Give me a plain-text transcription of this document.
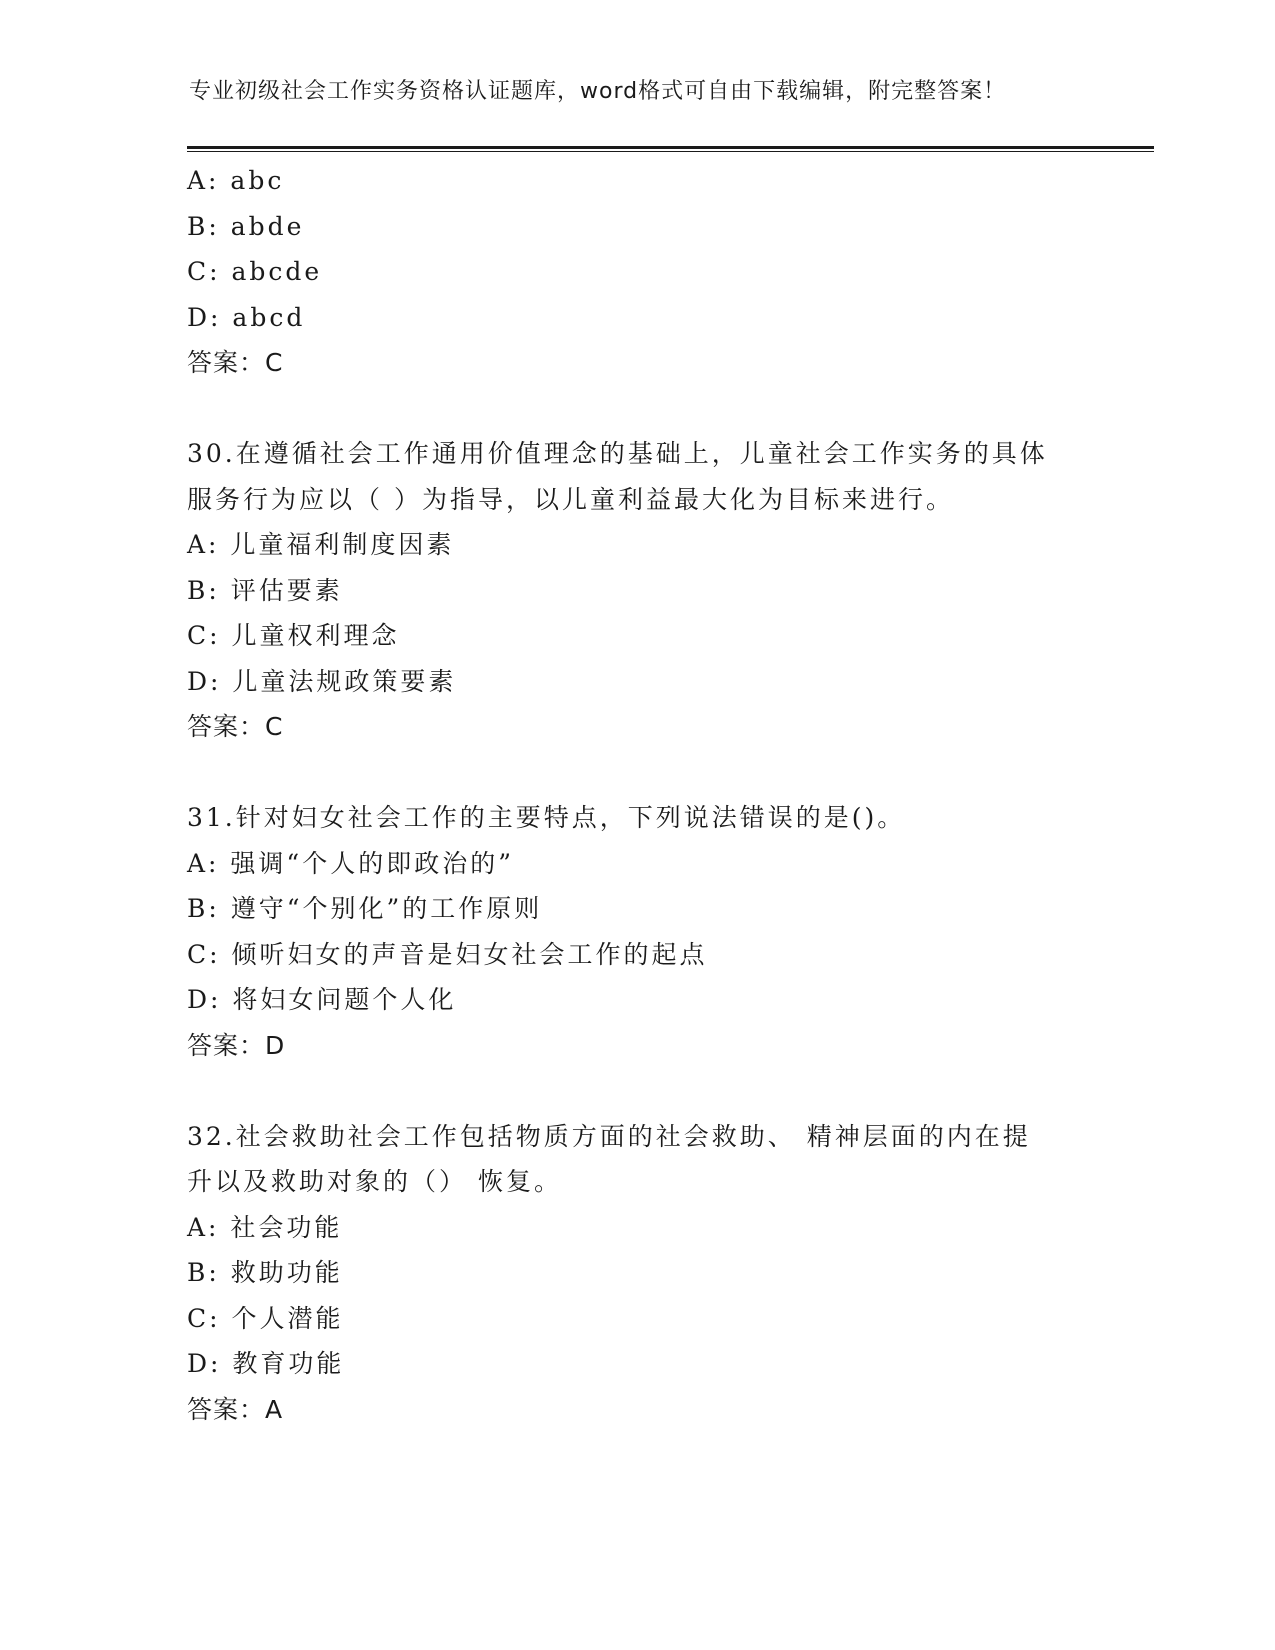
专业初级社会工作实务资格认证题库，word格式可自由下载编辑，附完整答案！
A: abc
B: abde
C: abcde
D: abcd
答案：C
30.在遵循社会工作通用价值理念的基础上，儿童社会工作实务的具体
服务行为应以（ ）为指导，以儿童利益最大化为目标来进行。
A: 儿童福利制度因素
B: 评估要素
C: 儿童权利理念
D: 儿童法规政策要素
答案：C
31.针对妇女社会工作的主要特点，下列说法错误的是()。
A: 强调“个人的即政治的”
B: 遵守“个别化”的工作原则
C: 倾听妇女的声音是妇女社会工作的起点
D: 将妇女问题个人化
答案：D
32.社会救助社会工作包括物质方面的社会救助、 精神层面的内在提
升以及救助对象的（） 恢复。
A: 社会功能
B: 救助功能
C: 个人潜能
D: 教育功能
答案：A
